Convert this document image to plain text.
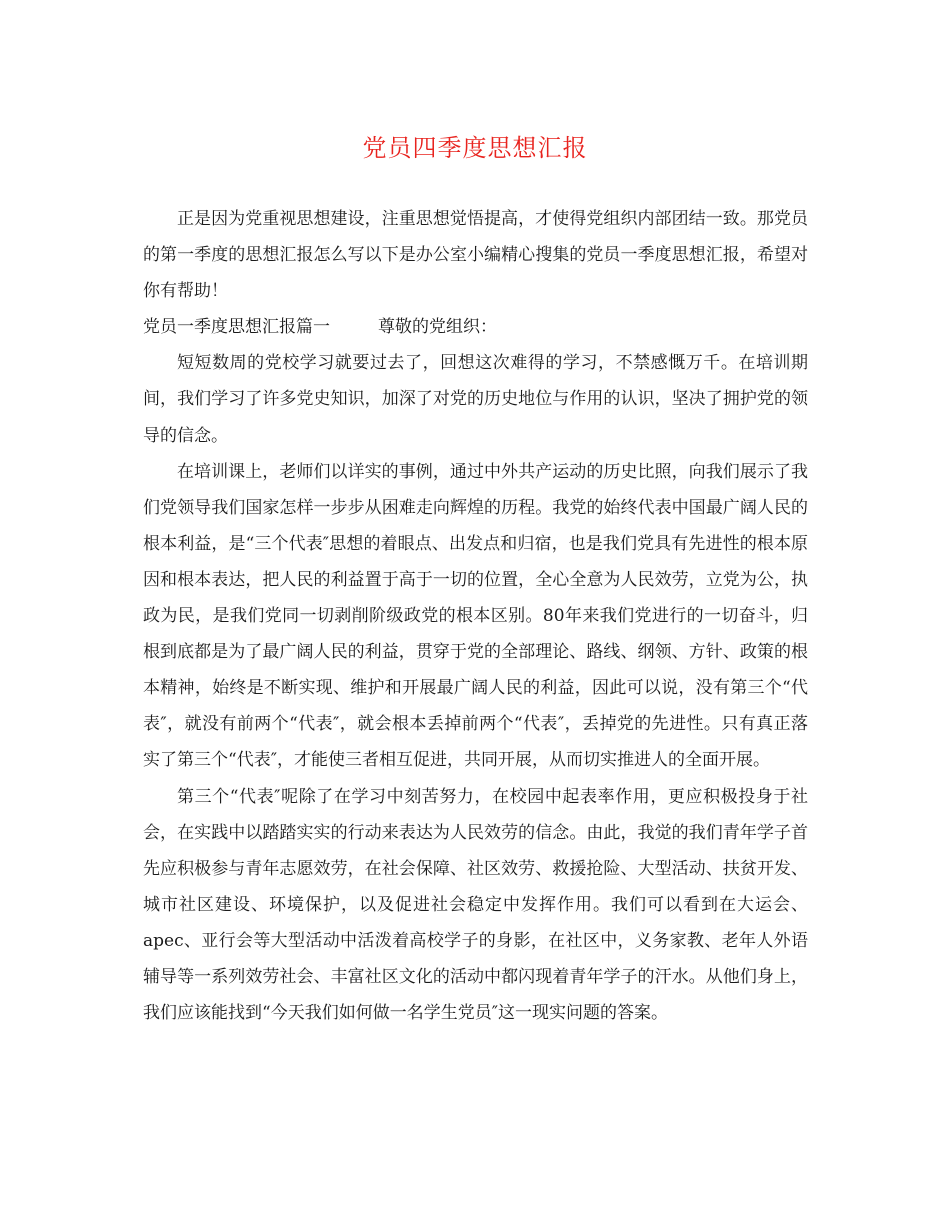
党员四季度思想汇报

正是因为党重视思想建设，注重思想觉悟提高，才使得党组织内部团结一致。那党员的第一季度的思想汇报怎么写以下是办公室小编精心搜集的党员一季度思想汇报，希望对你有帮助！

党员一季度思想汇报篇一	尊敬的党组织：

短短数周的党校学习就要过去了，回想这次难得的学习，不禁感慨万千。在培训期间，我们学习了许多党史知识，加深了对党的历史地位与作用的认识，坚决了拥护党的领导的信念。

在培训课上，老师们以详实的事例，通过中外共产运动的历史比照，向我们展示了我们党领导我们国家怎样一步步从困难走向辉煌的历程。我党的始终代表中国最广阔人民的根本利益，是“三个代表″思想的着眼点、出发点和归宿，也是我们党具有先进性的根本原因和根本表达，把人民的利益置于高于一切的位置，全心全意为人民效劳，立党为公，执政为民，是我们党同一切剥削阶级政党的根本区别。80年来我们党进行的一切奋斗，归根到底都是为了最广阔人民的利益，贯穿于党的全部理论、路线、纲领、方针、政策的根本精神，始终是不断实现、维护和开展最广阔人民的利益，因此可以说，没有第三个“代表″，就没有前两个“代表″，就会根本丢掉前两个“代表″，丢掉党的先进性。只有真正落实了第三个“代表″，才能使三者相互促进，共同开展，从而切实推进人的全面开展。

第三个“代表″呢除了在学习中刻苦努力，在校园中起表率作用，更应积极投身于社会，在实践中以踏踏实实的行动来表达为人民效劳的信念。由此，我觉的我们青年学子首先应积极参与青年志愿效劳，在社会保障、社区效劳、救援抢险、大型活动、扶贫开发、城市社区建设、环境保护，以及促进社会稳定中发挥作用。我们可以看到在大运会、apec、亚行会等大型活动中活泼着高校学子的身影，在社区中，义务家教、老年人外语辅导等一系列效劳社会、丰富社区文化的活动中都闪现着青年学子的汗水。从他们身上，我们应该能找到“今天我们如何做一名学生党员″这一现实问题的答案。
